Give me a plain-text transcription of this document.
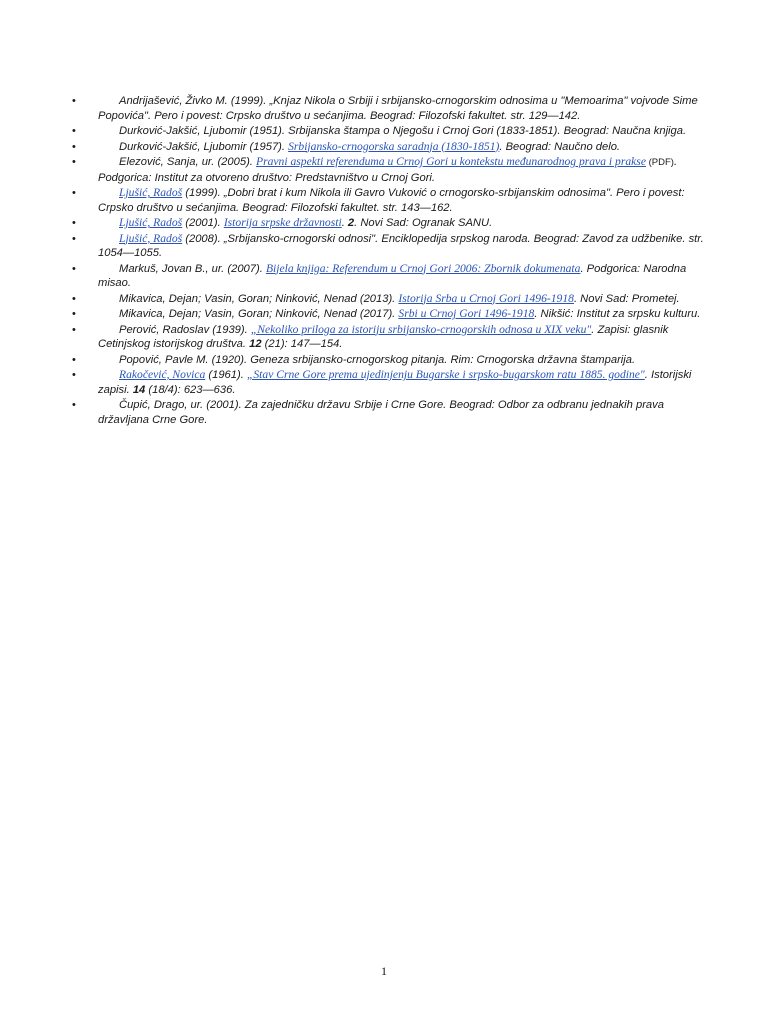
•	Andrijašević, Živko M. (1999). „Knjaz Nikola o Srbiji i srbijansko-crnogorskim odnosima u "Memoarima" vojvode Sime Popovića". Pero i povest: Crpsko društvo u sećanjima. Beograd: Filozofski fakultet. str. 129—142.
•	Durković-Jakšić, Ljubomir (1951). Srbijanska štampa o Njegošu i Crnoj Gori (1833-1851). Beograd: Naučna knjiga.
•	Durković-Jakšić, Ljubomir (1957). Srbijansko-crnogorska saradnja (1830-1851). Beograd: Naučno delo.
•	Elezović, Sanja, ur. (2005). Pravni aspekti referenduma u Crnoj Gori u kontekstu međunarodnog prava i prakse (PDF). Podgorica: Institut za otvoreno društvo: Predstavništvo u Crnoj Gori.
•	Ljušić, Radoš (1999). „Dobri brat i kum Nikola ili Gavro Vuković o crnogorsko-srbijanskim odnosima". Pero i povest: Crpsko društvo u sećanjima. Beograd: Filozofski fakultet. str. 143—162.
•	Ljušić, Radoš (2001). Istorija srpske državnosti. 2. Novi Sad: Ogranak SANU.
•	Ljušić, Radoš (2008). „Srbijansko-crnogorski odnosi". Enciklopedija srpskog naroda. Beograd: Zavod za udžbenike. str. 1054—1055.
•	Markuš, Jovan B., ur. (2007). Bijela knjiga: Referendum u Crnoj Gori 2006: Zbornik dokumenata. Podgorica: Narodna misao.
•	Mikavica, Dejan; Vasin, Goran; Ninković, Nenad (2013). Istorija Srba u Crnoj Gori 1496-1918. Novi Sad: Prometej.
•	Mikavica, Dejan; Vasin, Goran; Ninković, Nenad (2017). Srbi u Crnoj Gori 1496-1918. Nikšić: Institut za srpsku kulturu.
•	Perović, Radoslav (1939). „Nekoliko priloga za istoriju srbijansko-crnogorskih odnosa u XIX veku". Zapisi: glasnik Cetinjskog istorijskog društva. 12 (21): 147—154.
•	Popović, Pavle M. (1920). Geneza srbijansko-crnogorskog pitanja. Rim: Crnogorska državna štamparija.
•	Rakočević, Novica (1961). „Stav Crne Gore prema ujedinjenju Bugarske i srpsko-bugarskom ratu 1885. godine". Istorijski zapisi. 14 (18/4): 623—636.
•	Čupić, Drago, ur. (2001). Za zajedničku državu Srbije i Crne Gore. Beograd: Odbor za odbranu jednakih prava državljana Crne Gore.
1
